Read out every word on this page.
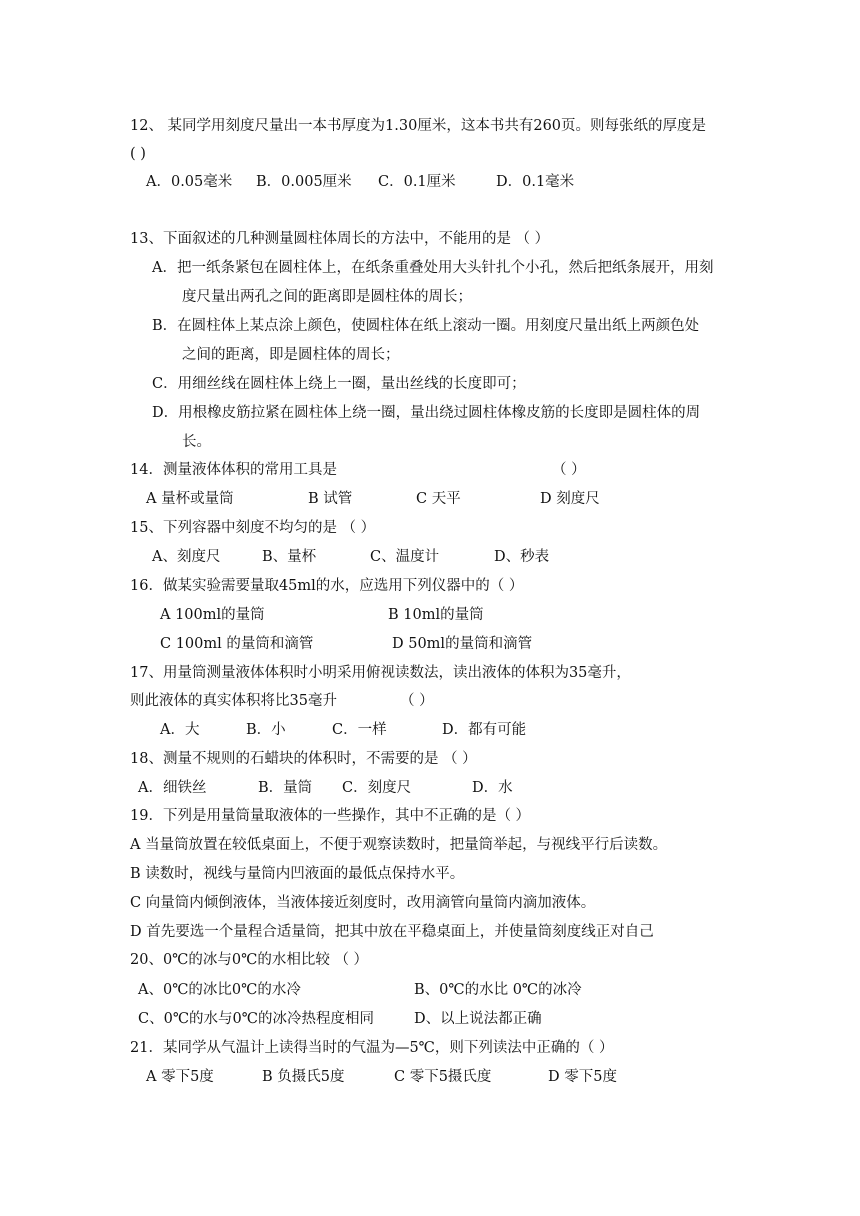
12、 某同学用刻度尺量出一本书厚度为1.30厘米，这本书共有260页。则每张纸的厚度是
( )
A．0.05毫米 B．0.005厘米 C．0.1厘米	D．0.1毫米
13、下面叙述的几种测量圆柱体周长的方法中，不能用的是 （ ）
A．把一纸条紧包在圆柱体上，在纸条重叠处用大头针扎个小孔，然后把纸条展开，用刻
度尺量出两孔之间的距离即是圆柱体的周长；
B．在圆柱体上某点涂上颜色，使圆柱体在纸上滚动一圈。用刻度尺量出纸上两颜色处
之间的距离，即是圆柱体的周长；
C．用细丝线在圆柱体上绕上一圈，量出丝线的长度即可；
D．用根橡皮筋拉紧在圆柱体上绕一圈，量出绕过圆柱体橡皮筋的长度即是圆柱体的周
长。
14．测量液体体积的常用工具是	（ ）
A 量杯或量筒	B 试管	C 天平	D 刻度尺
15、下列容器中刻度不均匀的是 （ ）
A、刻度尺	B、量杯	C、温度计	D、秒表
16．做某实验需要量取45ml的水，应选用下列仪器中的（ ）
A 100ml的量筒	B 10ml的量筒
C 100ml 的量筒和滴管	D 50ml的量筒和滴管
17、用量筒测量液体体积时小明采用俯视读数法，读出液体的体积为35毫升，
则此液体的真实体积将比35毫升	（ ）
A．大	B．小	C．一样	D．都有可能
18、测量不规则的石蜡块的体积时，不需要的是 （ ）
A．细铁丝	B．量筒 C．刻度尺	D．水
19．下列是用量筒量取液体的一些操作，其中不正确的是（ ）
A 当量筒放置在较低桌面上，不便于观察读数时，把量筒举起，与视线平行后读数。
B 读数时，视线与量筒内凹液面的最低点保持水平。
C 向量筒内倾倒液体，当液体接近刻度时，改用滴管向量筒内滴加液体。
D 首先要选一个量程合适量筒，把其中放在平稳桌面上，并使量筒刻度线正对自己
20、0℃的冰与0℃的水相比较 （ ）
A、0℃的冰比0℃的水冷	B、0℃的水比 0℃的冰冷
C、0℃的水与0℃的冰冷热程度相同	D、以上说法都正确
21．某同学从气温计上读得当时的气温为—5℃，则下列读法中正确的（ ）
A 零下5度	B 负摄氏5度	C 零下5摄氏度	D 零下5度
